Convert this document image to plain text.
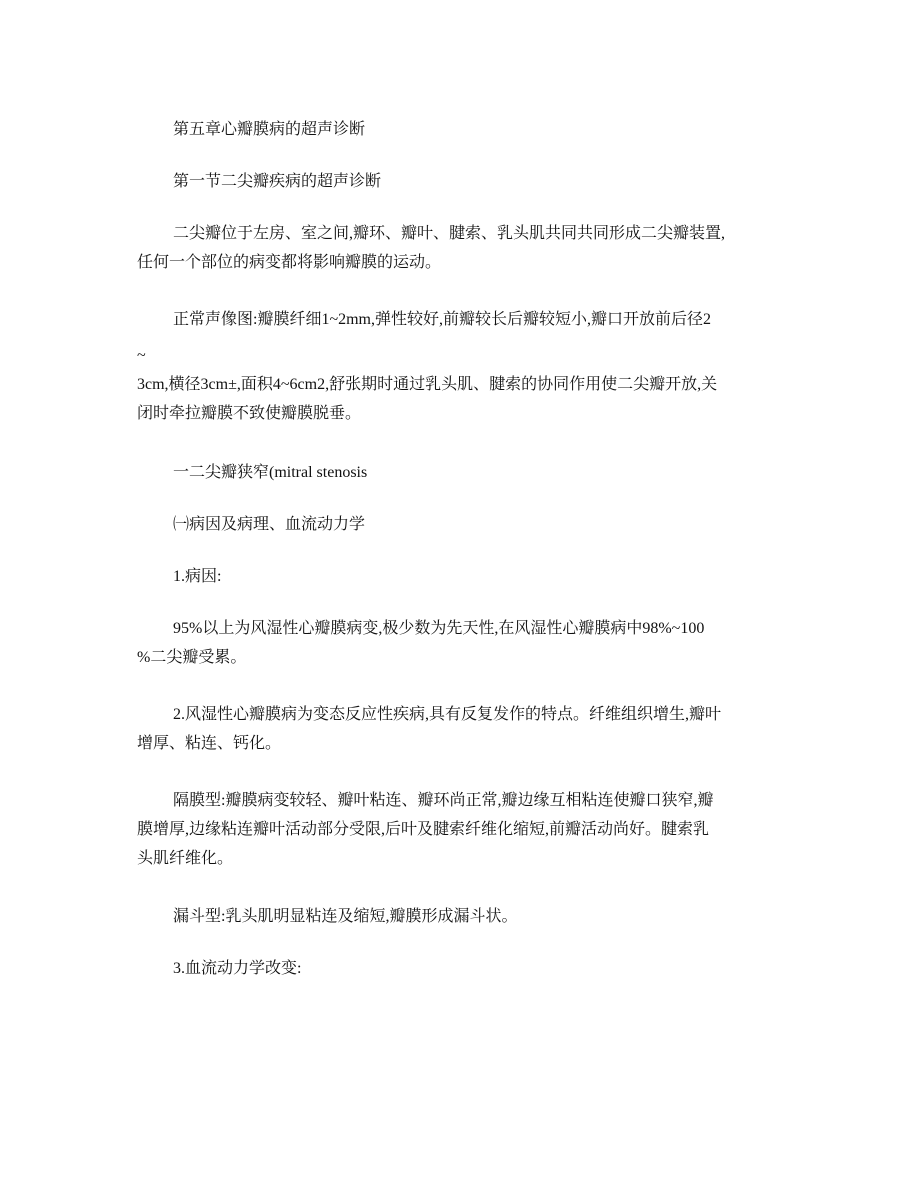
第五章心瓣膜病的超声诊断
第一节二尖瓣疾病的超声诊断
二尖瓣位于左房、室之间,瓣环、瓣叶、腱索、乳头肌共同共同形成二尖瓣装置,
任何一个部位的病变都将影响瓣膜的运动。
正常声像图:瓣膜纤细1~2mm,弹性较好,前瓣较长后瓣较短小,瓣口开放前后径2
~
3cm,横径3cm±,面积4~6cm2,舒张期时通过乳头肌、腱索的协同作用使二尖瓣开放,关
闭时牵拉瓣膜不致使瓣膜脱垂。
一二尖瓣狭窄(mitral stenosis
㈠病因及病理、血流动力学
1.病因:
95%以上为风湿性心瓣膜病变,极少数为先天性,在风湿性心瓣膜病中98%~100
%二尖瓣受累。
2.风湿性心瓣膜病为变态反应性疾病,具有反复发作的特点。纤维组织增生,瓣叶
增厚、粘连、钙化。
隔膜型:瓣膜病变较轻、瓣叶粘连、瓣环尚正常,瓣边缘互相粘连使瓣口狭窄,瓣
膜增厚,边缘粘连瓣叶活动部分受限,后叶及腱索纤维化缩短,前瓣活动尚好。腱索乳
头肌纤维化。
漏斗型:乳头肌明显粘连及缩短,瓣膜形成漏斗状。
3.血流动力学改变:
